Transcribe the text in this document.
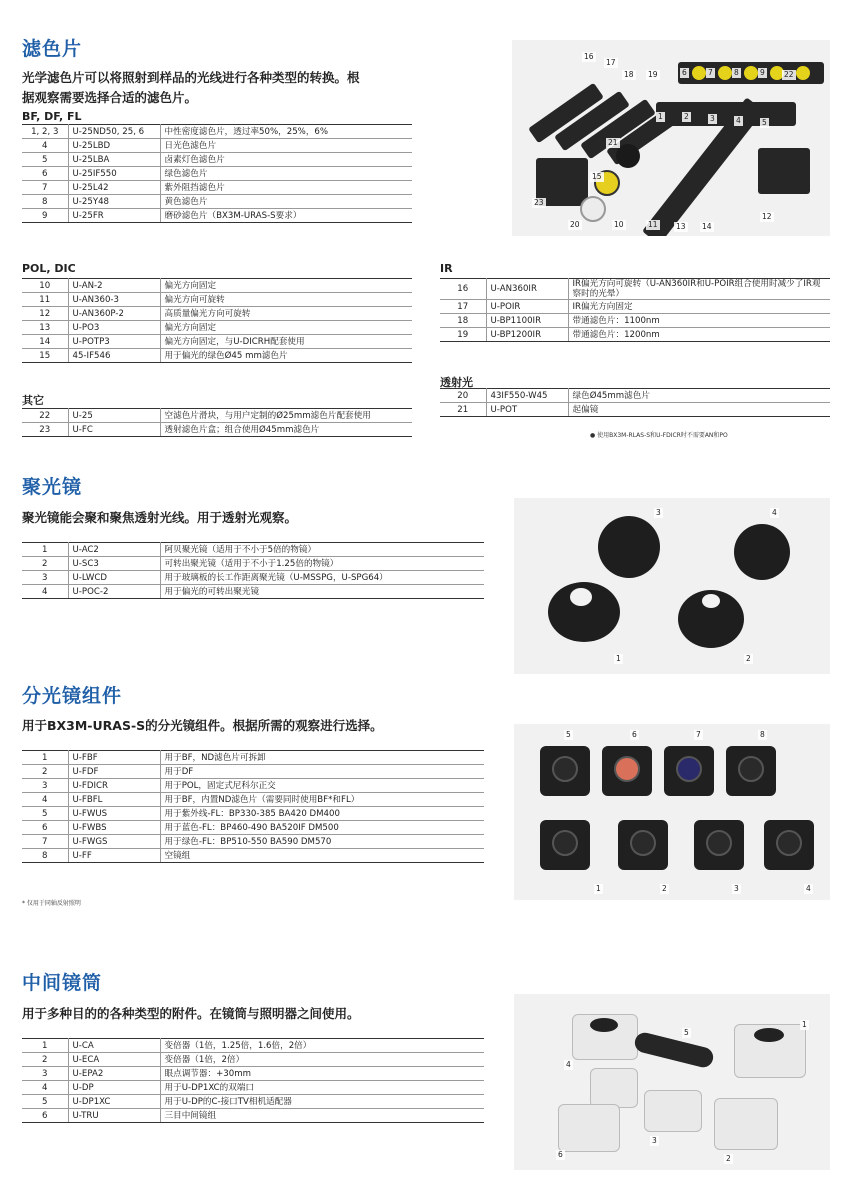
滤色片
光学滤色片可以将照射到样品的光线进行各种类型的转换。根
据观察需要选择合适的滤色片。
BF, DF, FL
1, 2, 3	U-25ND50, 25, 6	中性密度滤色片，透过率50%，25%，6%
4	U-25LBD	日光色滤色片
5	U-25LBA	卤素灯色滤色片
6	U-25IF550	绿色滤色片
7	U-25L42	紫外阻挡滤色片
8	U-25Y48	黄色滤色片
9	U-25FR	磨砂滤色片（BX3M-URAS-S要求）
POL, DIC
10	U-AN-2	偏光方向固定
11	U-AN360-3	偏光方向可旋转
12	U-AN360P-2	高质量偏光方向可旋转
13	U-PO3	偏光方向固定
14	U-POTP3	偏光方向固定，与U-DICRH配套使用
15	45-IF546	用于偏光的绿色Ø45 mm滤色片
其它
22	U-25	空滤色片滑块，与用户定制的Ø25mm滤色片配套使用
23	U-FC	透射滤色片盒；组合使用Ø45mm滤色片
IR
16	U-AN360IR	IR偏光方向可旋转（U-AN360IR和U-POIR组合使用时减少了IR观察时的光晕）
17	U-POIR	IR偏光方向固定
18	U-BP1100IR	带通滤色片：1100nm
19	U-BP1200IR	带通滤色片：1200nm
透射光
20	43IF550-W45	绿色Ø45mm滤色片
21	U-POT	起偏镜
● 使用BX3M-RLAS-S和U-FDICR时不需要AN和PO
16
17
18 19	6	7	8	9	22
1	2	3	4	5
21
15
23
20	10	11 13 14
12
聚光镜
聚光镜能会聚和聚焦透射光线。用于透射光观察。
1	U-AC2	阿贝聚光镜（适用于不小于5倍的物镜）
2	U-SC3	可转出聚光镜（适用于不小于1.25倍的物镜）
3	U-LWCD	用于玻璃板的长工作距离聚光镜（U-MSSPG，U-SPG64）
4	U-POC-2	用于偏光的可转出聚光镜
3	4
1	2
分光镜组件
用于BX3M-URAS-S的分光镜组件。根据所需的观察进行选择。
1	U-FBF	用于BF，ND滤色片可拆卸
2	U-FDF	用于DF
3	U-FDICR	用于POL，固定式尼科尔正交
4	U-FBFL	用于BF，内置ND滤色片（需要同时使用BF*和FL）
5	U-FWUS	用于紫外线-FL：BP330-385 BA420 DM400
6	U-FWBS	用于蓝色-FL：BP460-490 BA520IF DM500
7	U-FWGS	用于绿色-FL：BP510-550 BA590 DM570
8	U-FF	空镜组
* 仅用于同轴反射照明
5	6	7	8
1	2	3	4
中间镜筒
用于多种目的的各种类型的附件。在镜筒与照明器之间使用。
1	U-CA	变倍器（1倍，1.25倍，1.6倍，2倍）
2	U-ECA	变倍器（1倍，2倍）
3	U-EPA2	眼点调节器：+30mm
4	U-DP	用于U-DP1XC的双端口
5	U-DP1XC	用于U-DP的C-接口TV相机适配器
6	U-TRU	三目中间镜组
5
1
4
3
6	2
